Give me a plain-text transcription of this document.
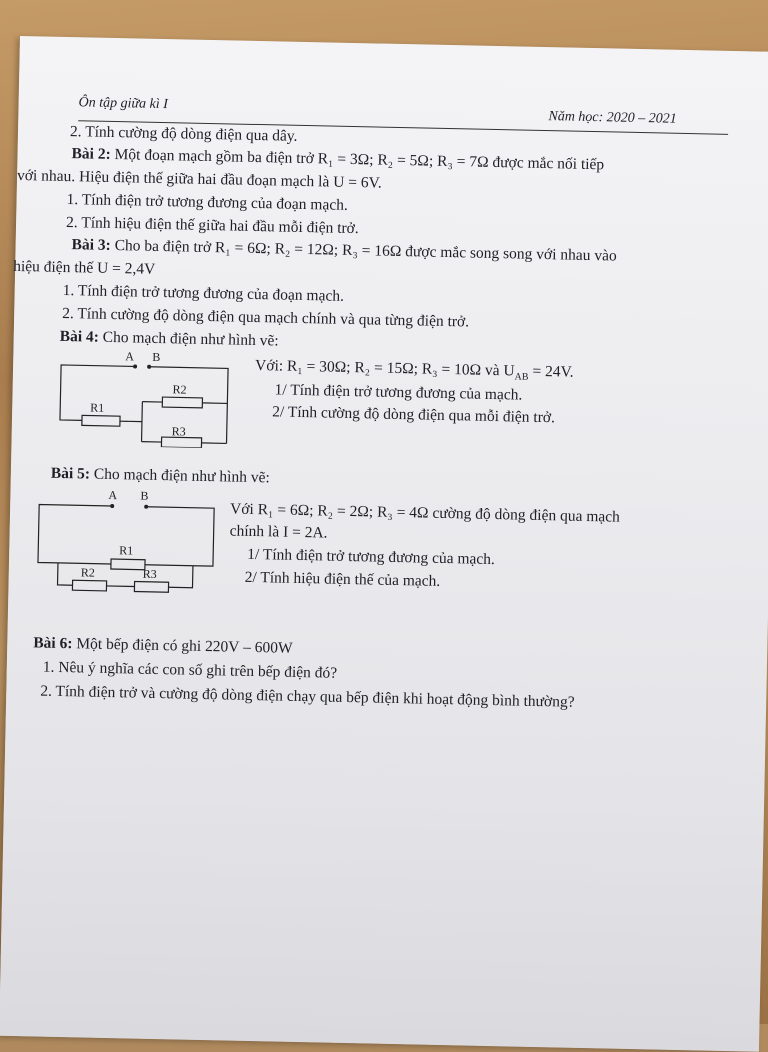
Ôn tập giữa kì I
Năm học: 2020 – 2021
2. Tính cường độ dòng điện qua dây.
Bài 2: Một đoạn mạch gồm ba điện trở R₁ = 3Ω; R₂ = 5Ω; R₃ = 7Ω được mắc nối tiếp
với nhau. Hiệu điện thế giữa hai đầu đoạn mạch là U = 6V.
1. Tính điện trở tương đương của đoạn mạch.
2. Tính hiệu điện thế giữa hai đầu mỗi điện trở.
Bài 3: Cho ba điện trở R₁ = 6Ω; R₂ = 12Ω; R₃ = 16Ω được mắc song song với nhau vào
hiệu điện thế U = 2,4V
1. Tính điện trở tương đương của đoạn mạch.
2. Tính cường độ dòng điện qua mạch chính và qua từng điện trở.
Bài 4: Cho mạch điện như hình vẽ:
A B
R1
R2
R3
Với: R₁ = 30Ω; R₂ = 15Ω; R₃ = 10Ω và $U_{AB} = 24V$.
1/ Tính điện trở tương đương của mạch.
2/ Tính cường độ dòng điện qua mỗi điện trở.
Bài 5: Cho mạch điện như hình vẽ:
A B
R1
R2	R3
Với R₁ = 6Ω; R₂ = 2Ω; R₃ = 4Ω cường độ dòng điện qua mạch
chính là I = 2A.
1/ Tính điện trở tương đương của mạch.
2/ Tính hiệu điện thế của mạch.
Bài 6: Một bếp điện có ghi 220V – 600W
1. Nêu ý nghĩa các con số ghi trên bếp điện đó?
2. Tính điện trở và cường độ dòng điện chạy qua bếp điện khi hoạt động bình thường?
